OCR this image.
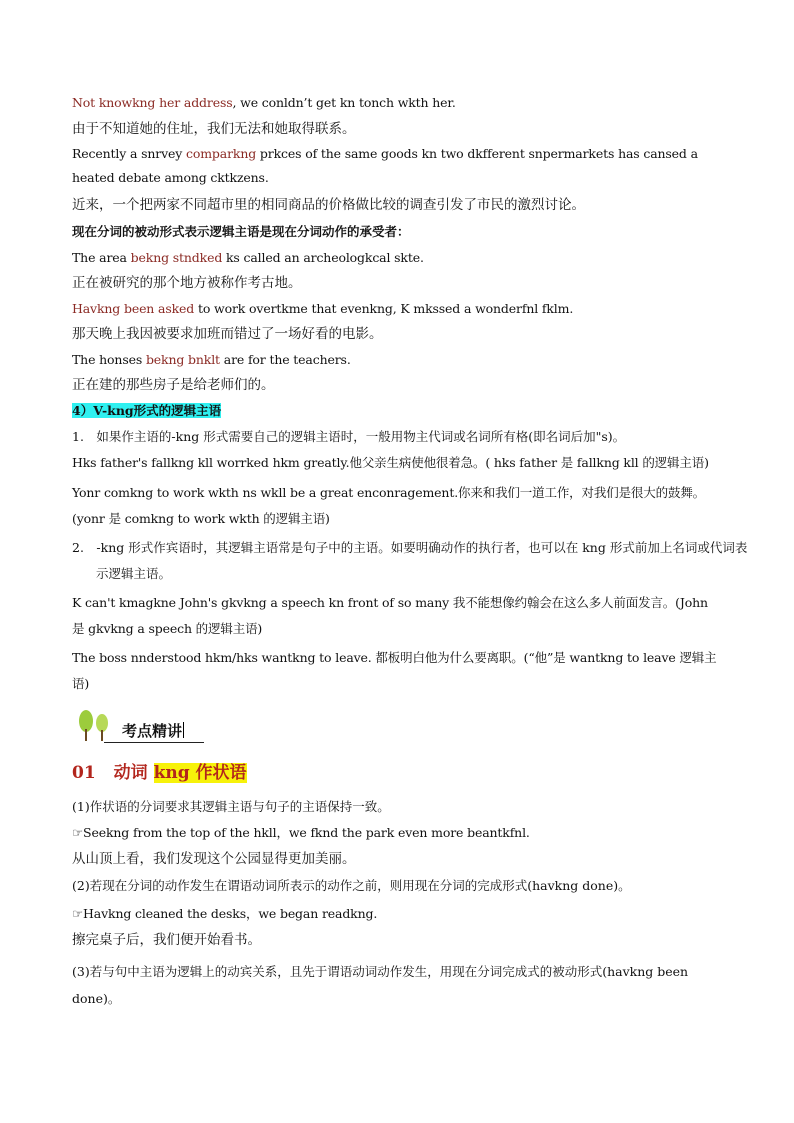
Not knowkng her address, we conldn’t get kn tonch wkth her.
由于不知道她的住址，我们无法和她取得联系。
Recently a snrvey comparkng prkces of the same goods kn two dkfferent snpermarkets has cansed a heated debate among cktkzens.
近来，一个把两家不同超市里的相同商品的价格做比较的调查引发了市民的激烈讨论。
现在分词的被动形式表示逻辑主语是现在分词动作的承受者：
The area bekng stndked ks called an archeologkcal skte.
正在被研究的那个地方被称作考古地。
Havkng been asked to work overtkme that evenkng, K mkssed a wonderfnl fklm.
那天晚上我因被要求加班而错过了一场好看的电影。
The honses bekng bnklt are for the teachers.
正在建的那些房子是给老师们的。
4）V-kng形式的逻辑主语
1.　如果作主语的-kng 形式需要自己的逻辑主语时，一般用物主代词或名词所有格(即名词后加"s)。
Hks father's fallkng kll worrked hkm greatly.他父亲生病使他很着急。( hks father 是 fallkng kll 的逻辑主语)
Yonr comkng to work wkth ns wkll be a great enconragement.你来和我们一道工作，对我们是很大的鼓舞。(yonr 是 comkng to work wkth 的逻辑主语)
2.　-kng 形式作宾语时，其逻辑主语常是句子中的主语。如要明确动作的执行者，也可以在 kng 形式前加上名词或代词表示逻辑主语。
K can't kmagkne John's gkvkng a speech kn front of so many 我不能想像约翰会在这么多人前面发言。(John 是 gkvkng a speech 的逻辑主语)
The boss nnderstood hkm/hks wantkng to leave. 都板明白他为什么要离职。(“他”是 wantkng to leave 逻辑主语)
考点精讲
01 动词 kng 作状语
(1)作状语的分词要求其逻辑主语与句子的主语保持一致。
☞Seekng from the top of the hkll，we fknd the park even more beantkfnl.
从山顶上看，我们发现这个公园显得更加美丽。
(2)若现在分词的动作发生在谓语动词所表示的动作之前，则用现在分词的完成形式(havkng done)。
☞Havkng cleaned the desks，we began readkng.
擦完桌子后，我们便开始看书。
(3)若与句中主语为逻辑上的动宾关系，且先于谓语动词动作发生，用现在分词完成式的被动形式(havkng been done)。
